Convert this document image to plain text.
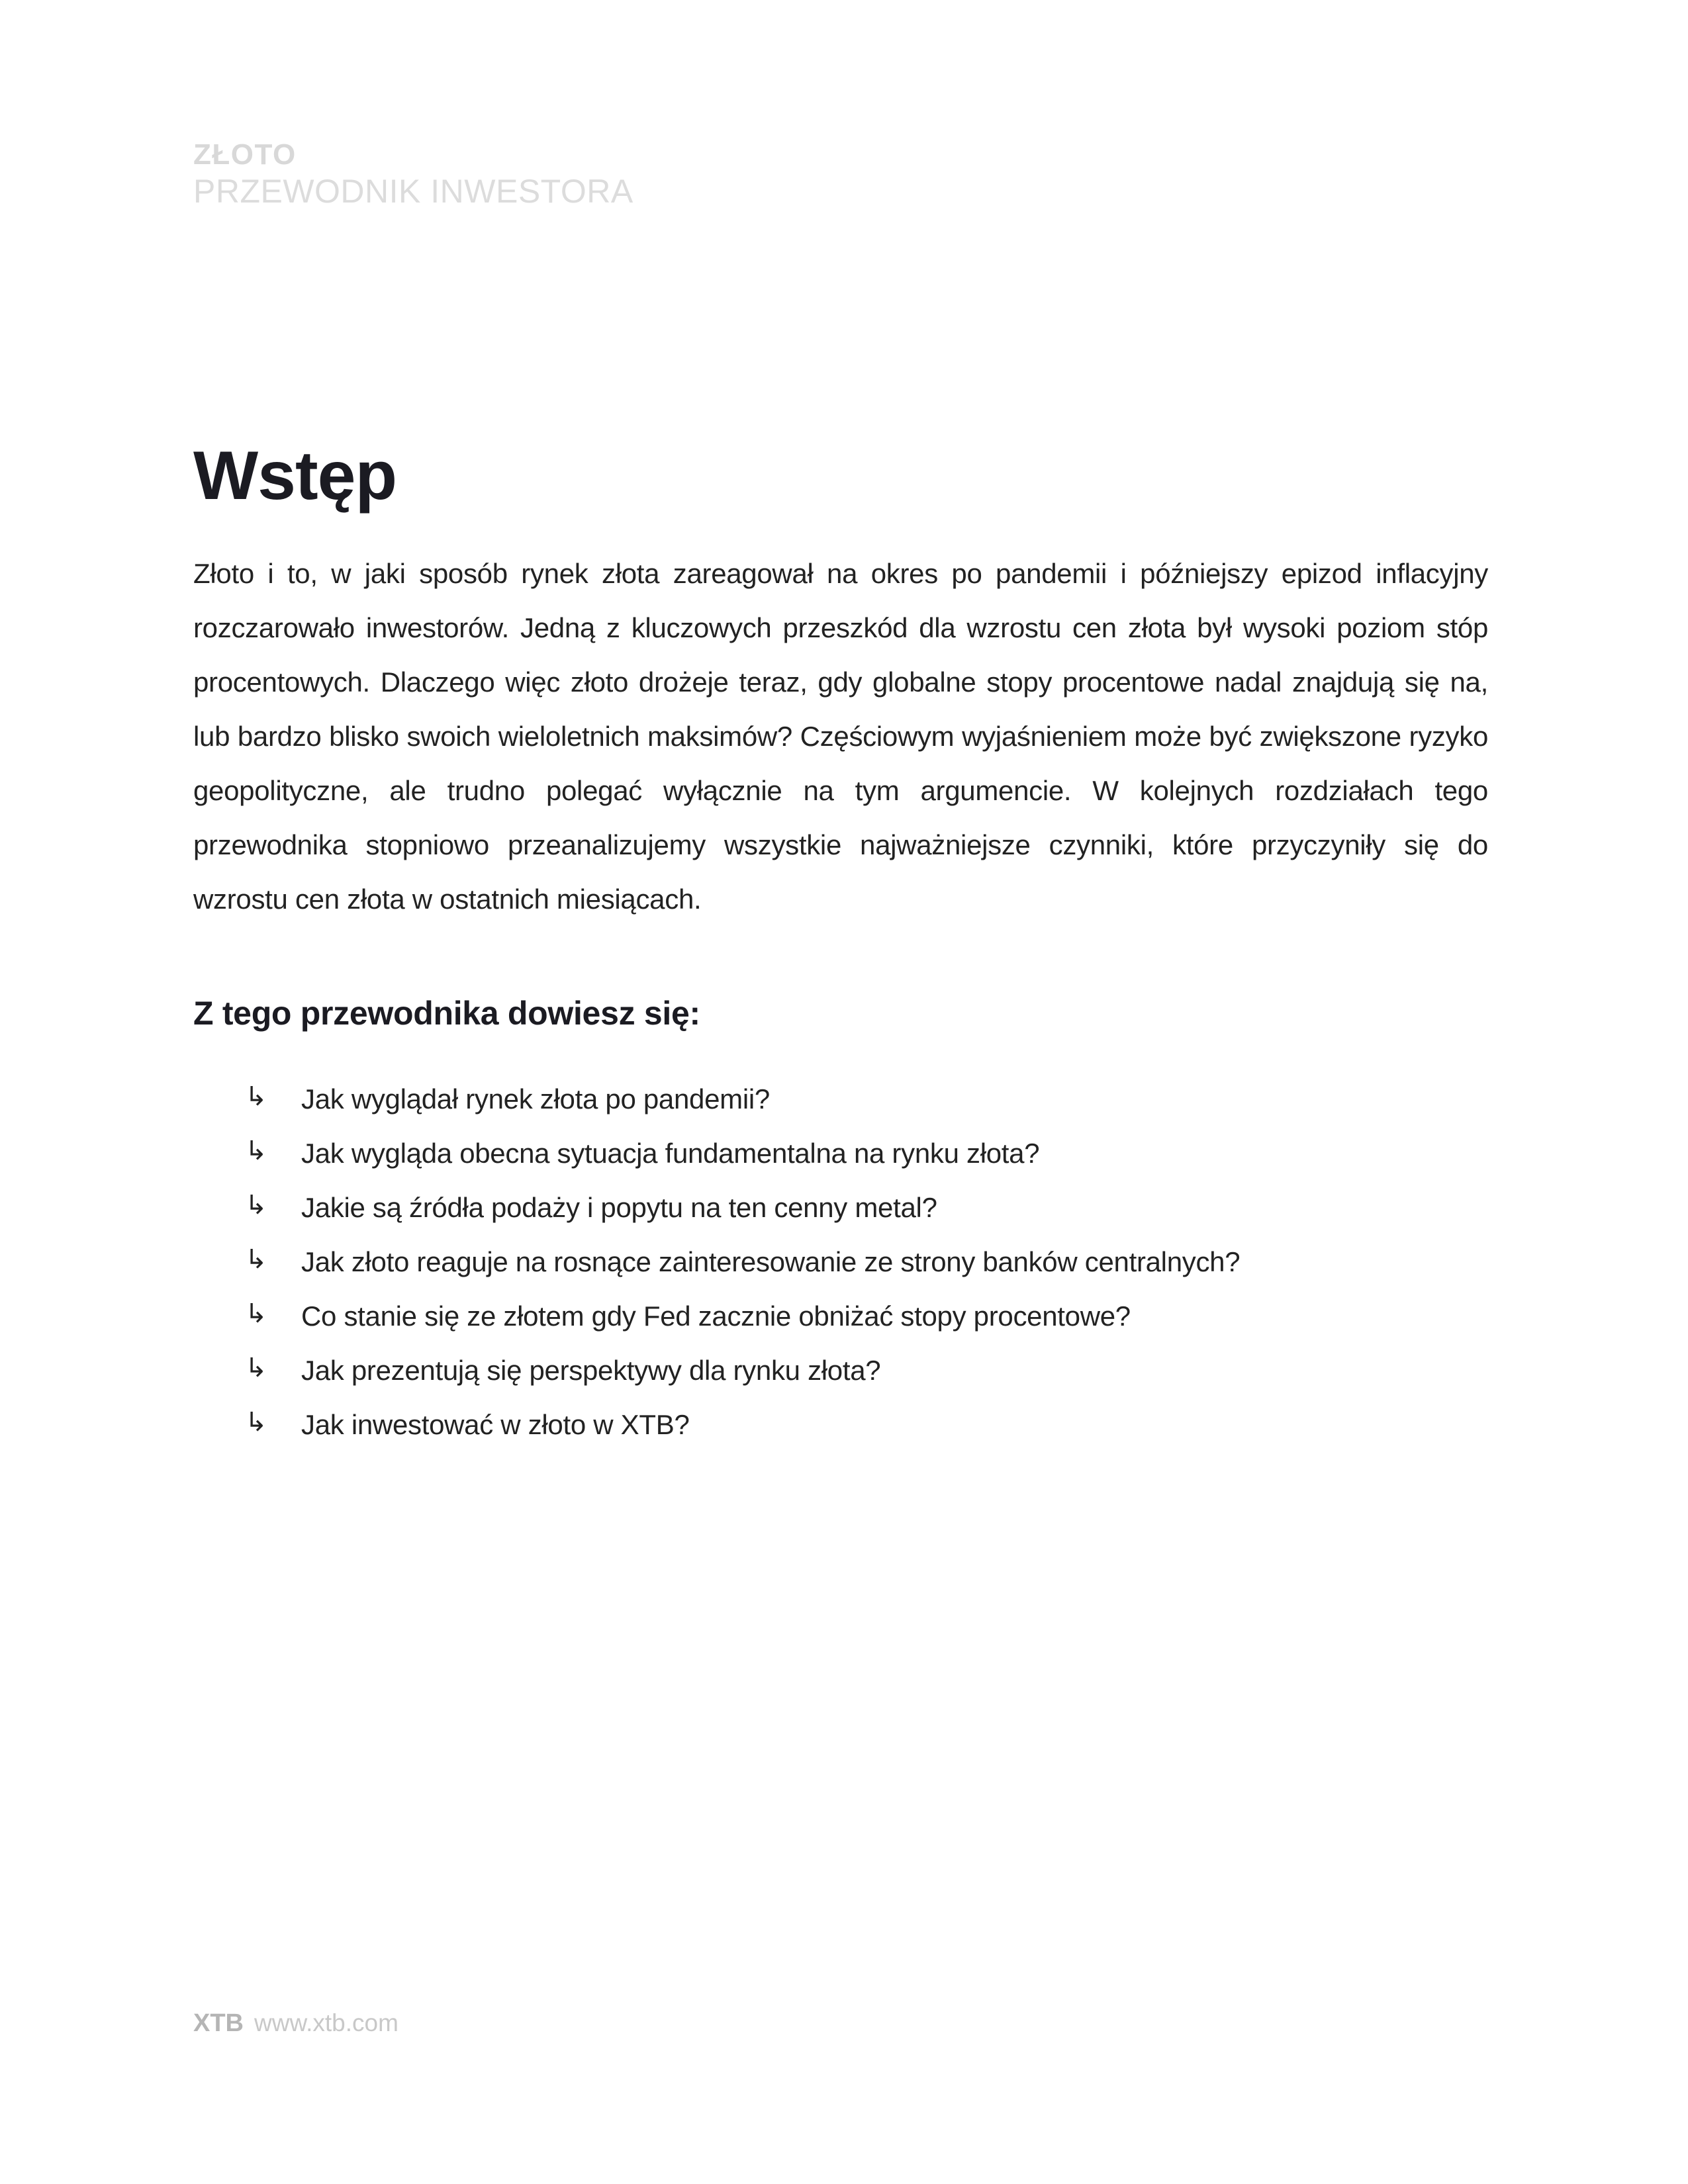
ZŁOTO
PRZEWODNIK INWESTORA
Wstęp

Złoto i to, w jaki sposób rynek złota zareagował na okres po pandemii i późniejszy epizod inflacyjny rozczarowało inwestorów. Jedną z kluczowych przeszkód dla wzrostu cen złota był wysoki poziom stóp procentowych. Dlaczego więc złoto drożeje teraz, gdy globalne stopy procentowe nadal znajdują się na, lub bardzo blisko swoich wieloletnich maksimów? Częściowym wyjaśnieniem może być zwiększone ryzyko geopolityczne, ale trudno polegać wyłącznie na tym argumencie. W kolejnych rozdziałach tego przewodnika stopniowo przeanalizujemy wszystkie najważniejsze czynniki, które przyczyniły się do wzrostu cen złota w ostatnich miesiącach.

Z tego przewodnika dowiesz się:
↳ Jak wyglądał rynek złota po pandemii?
↳ Jak wygląda obecna sytuacja fundamentalna na rynku złota?
↳ Jakie są źródła podaży i popytu na ten cenny metal?
↳ Jak złoto reaguje na rosnące zainteresowanie ze strony banków centralnych?
↳ Co stanie się ze złotem gdy Fed zacznie obniżać stopy procentowe?
↳ Jak prezentują się perspektywy dla rynku złota?
↳ Jak inwestować w złoto w XTB?
XTB www.xtb.com
